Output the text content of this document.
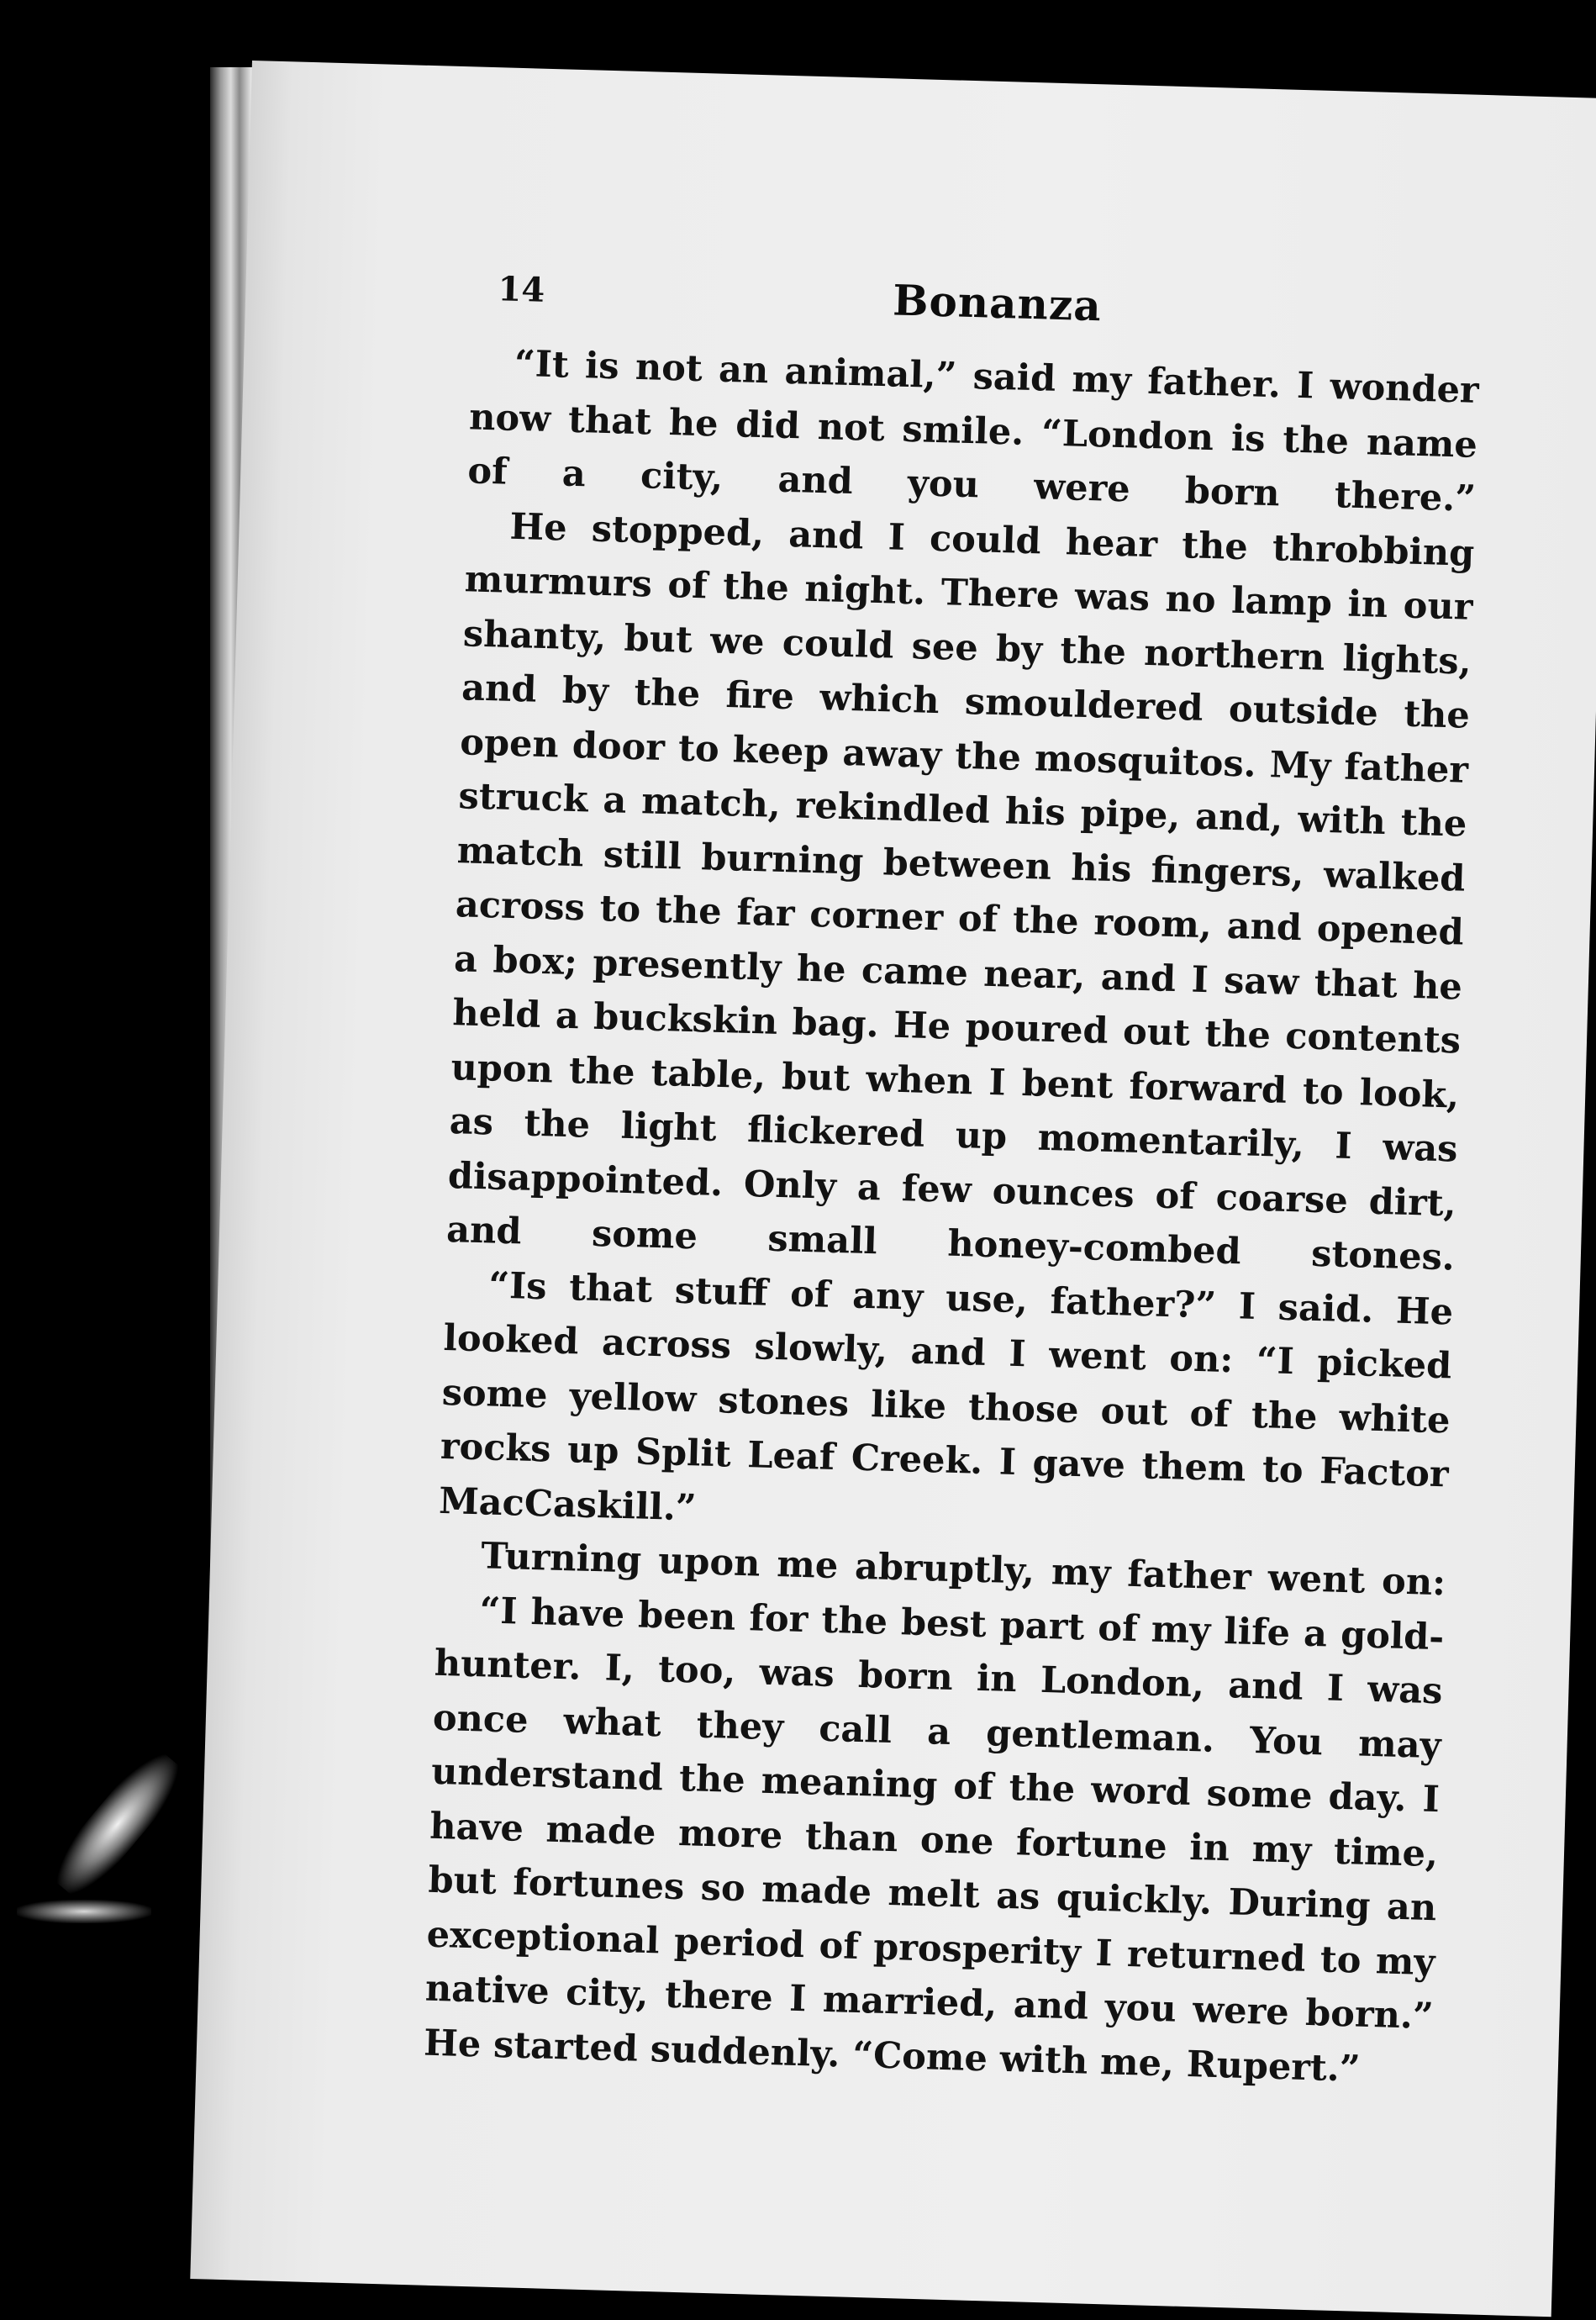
14	Bonanza

“It is not an animal,” said my father. I wonder now that he did not smile. “London is the name of a city, and you were born there.”

He stopped, and I could hear the throbbing murmurs of the night. There was no lamp in our shanty, but we could see by the northern lights, and by the fire which smouldered outside the open door to keep away the mosquitos. My father struck a match, rekindled his pipe, and, with the match still burning between his fingers, walked across to the far corner of the room, and opened a box; presently he came near, and I saw that he held a buckskin bag. He poured out the contents upon the table, but when I bent forward to look, as the light flickered up momentarily, I was disappointed. Only a few ounces of coarse dirt, and some small honey-combed stones.

“Is that stuff of any use, father?” I said. He looked across slowly, and I went on: “I picked some yellow stones like those out of the white rocks up Split Leaf Creek. I gave them to Factor MacCaskill.”

Turning upon me abruptly, my father went on:

“I have been for the best part of my life a gold-hunter. I, too, was born in London, and I was once what they call a gentleman. You may understand the meaning of the word some day. I have made more than one fortune in my time, but fortunes so made melt as quickly. During an exceptional period of prosperity I returned to my native city, there I married, and you were born.” He started suddenly. “Come with me, Rupert.”
